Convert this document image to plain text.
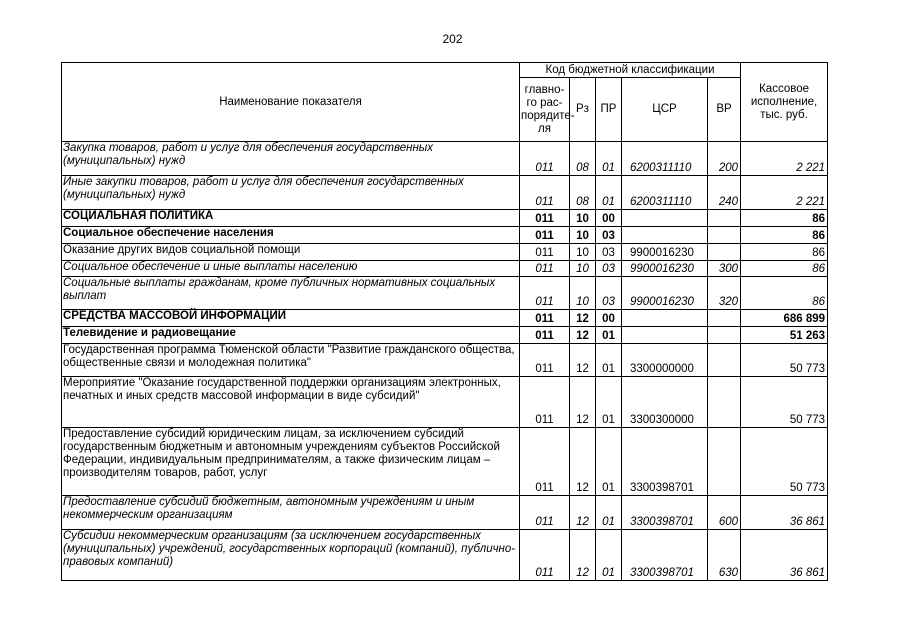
202
Наименование показателя	Код бюджетной классификации					Кассовое исполнение, тыс. руб.
	главно-го рас-порядите-ля	Рз	ПР	ЦСР	ВР	
Закупка товаров, работ и услуг для обеспечения государственных (муниципальных) нужд	011	08	01	6200311110	200	2 221
Иные закупки товаров, работ и услуг для обеспечения государственных (муниципальных) нужд	011	08	01	6200311110	240	2 221
СОЦИАЛЬНАЯ ПОЛИТИКА	011	10	00			86
Социальное обеспечение населения	011	10	03			86
Оказание других видов социальной помощи	011	10	03	9900016230		86
Социальное обеспечение и иные выплаты населению	011	10	03	9900016230	300	86
Социальные выплаты гражданам, кроме публичных нормативных социальных выплат	011	10	03	9900016230	320	86
СРЕДСТВА МАССОВОЙ ИНФОРМАЦИИ	011	12	00			686 899
Телевидение и радиовещание	011	12	01			51 263
Государственная программа Тюменской области "Развитие гражданского общества, общественные связи и молодежная политика"	011	12	01	3300000000		50 773
Мероприятие "Оказание государственной поддержки организациям электронных, печатных и иных средств массовой информации в виде субсидий"	011	12	01	3300300000		50 773
Предоставление субсидий юридическим лицам, за исключением субсидий государственным бюджетным и автономным учреждениям субъектов Российской Федерации, индивидуальным предпринимателям, а также физическим лицам – производителям товаров, работ, услуг	011	12	01	3300398701		50 773
Предоставление субсидий бюджетным, автономным учреждениям и иным некоммерческим организациям	011	12	01	3300398701	600	36 861
Субсидии некоммерческим организациям (за исключением государственных (муниципальных) учреждений, государственных корпораций (компаний), публично-правовых компаний)	011	12	01	3300398701	630	36 861
